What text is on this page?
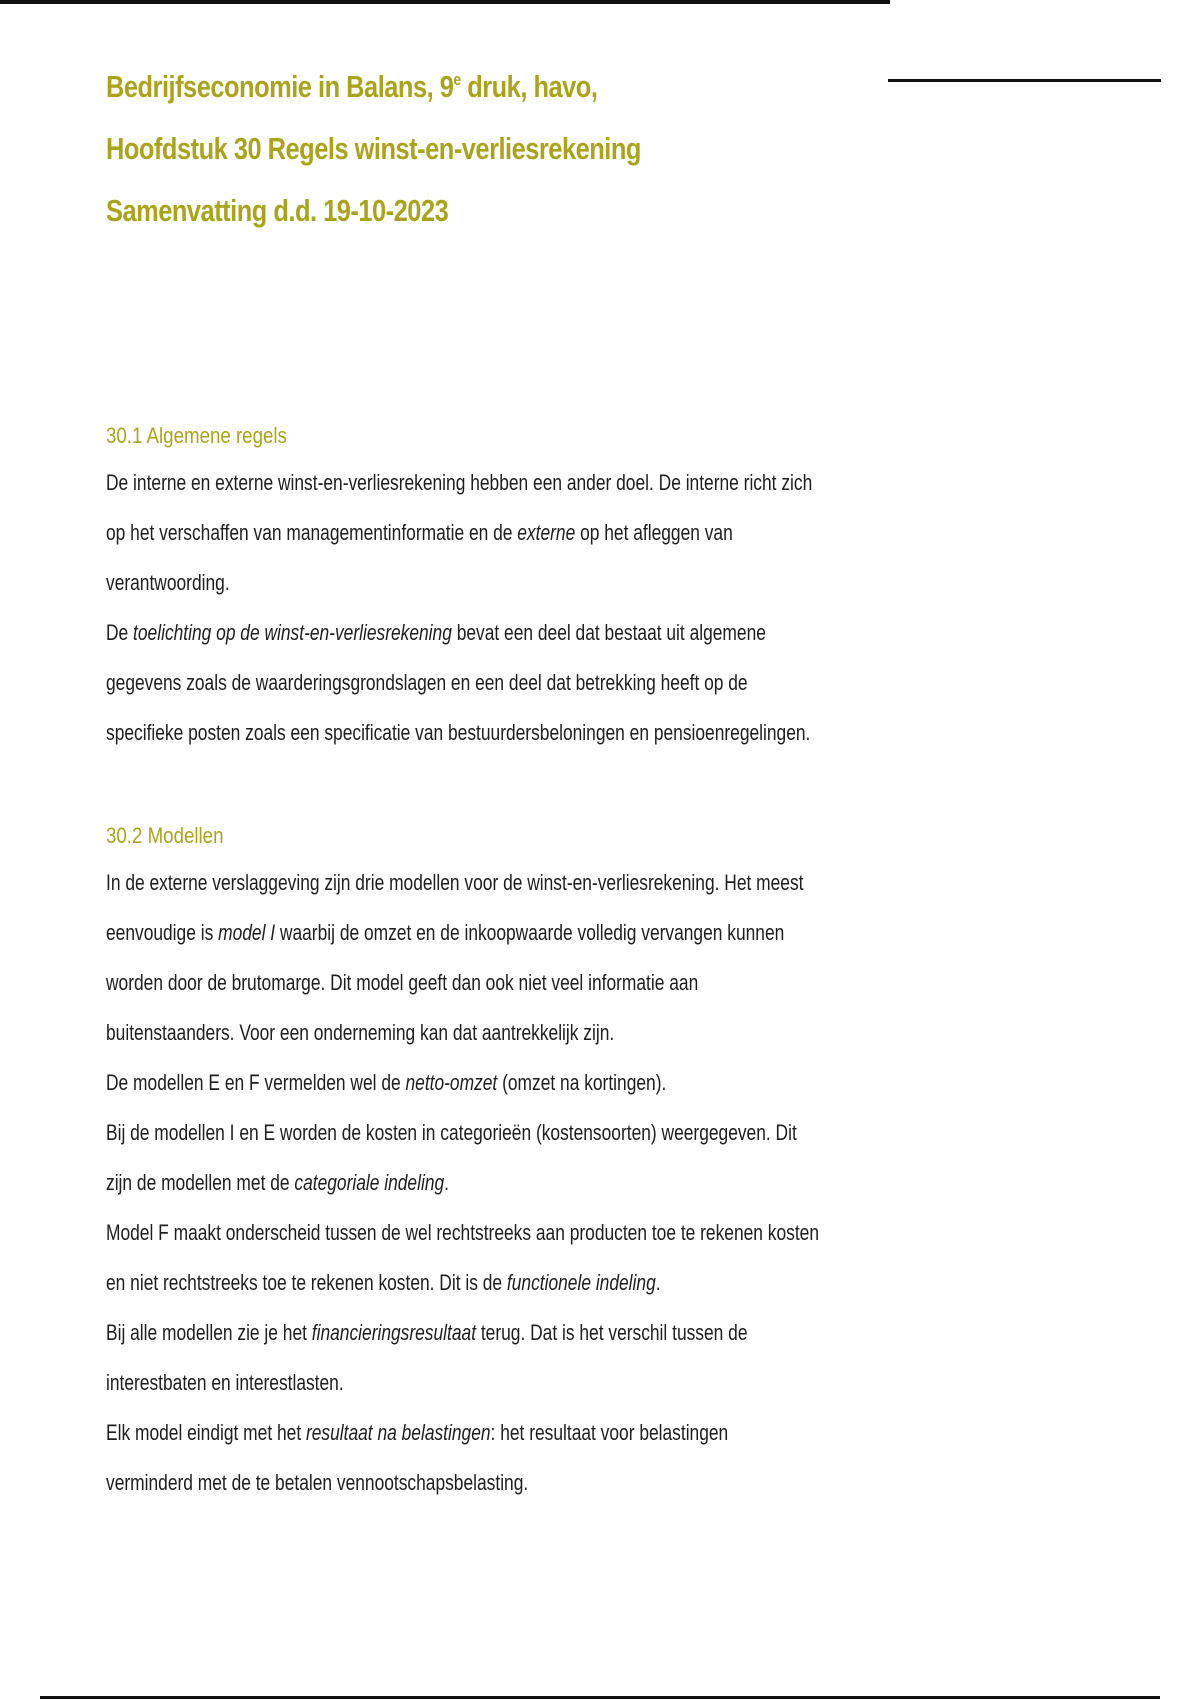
Bedrijfseconomie in Balans, 9e druk, havo,
Hoofdstuk 30 Regels winst-en-verliesrekening
Samenvatting d.d. 19-10-2023
30.1 Algemene regels
De interne en externe winst-en-verliesrekening hebben een ander doel. De interne richt zich
op het verschaffen van managementinformatie en de externe op het afleggen van
verantwoording.
De toelichting op de winst-en-verliesrekening bevat een deel dat bestaat uit algemene
gegevens zoals de waarderingsgrondslagen en een deel dat betrekking heeft op de
specifieke posten zoals een specificatie van bestuurdersbeloningen en pensioenregelingen.
30.2 Modellen
In de externe verslaggeving zijn drie modellen voor de winst-en-verliesrekening. Het meest
eenvoudige is model I waarbij de omzet en de inkoopwaarde volledig vervangen kunnen
worden door de brutomarge. Dit model geeft dan ook niet veel informatie aan
buitenstaanders. Voor een onderneming kan dat aantrekkelijk zijn.
De modellen E en F vermelden wel de netto-omzet (omzet na kortingen).
Bij de modellen I en E worden de kosten in categorieën (kostensoorten) weergegeven. Dit
zijn de modellen met de categoriale indeling.
Model F maakt onderscheid tussen de wel rechtstreeks aan producten toe te rekenen kosten
en niet rechtstreeks toe te rekenen kosten. Dit is de functionele indeling.
Bij alle modellen zie je het financieringsresultaat terug. Dat is het verschil tussen de
interestbaten en interestlasten.
Elk model eindigt met het resultaat na belastingen: het resultaat voor belastingen
verminderd met de te betalen vennootschapsbelasting.
